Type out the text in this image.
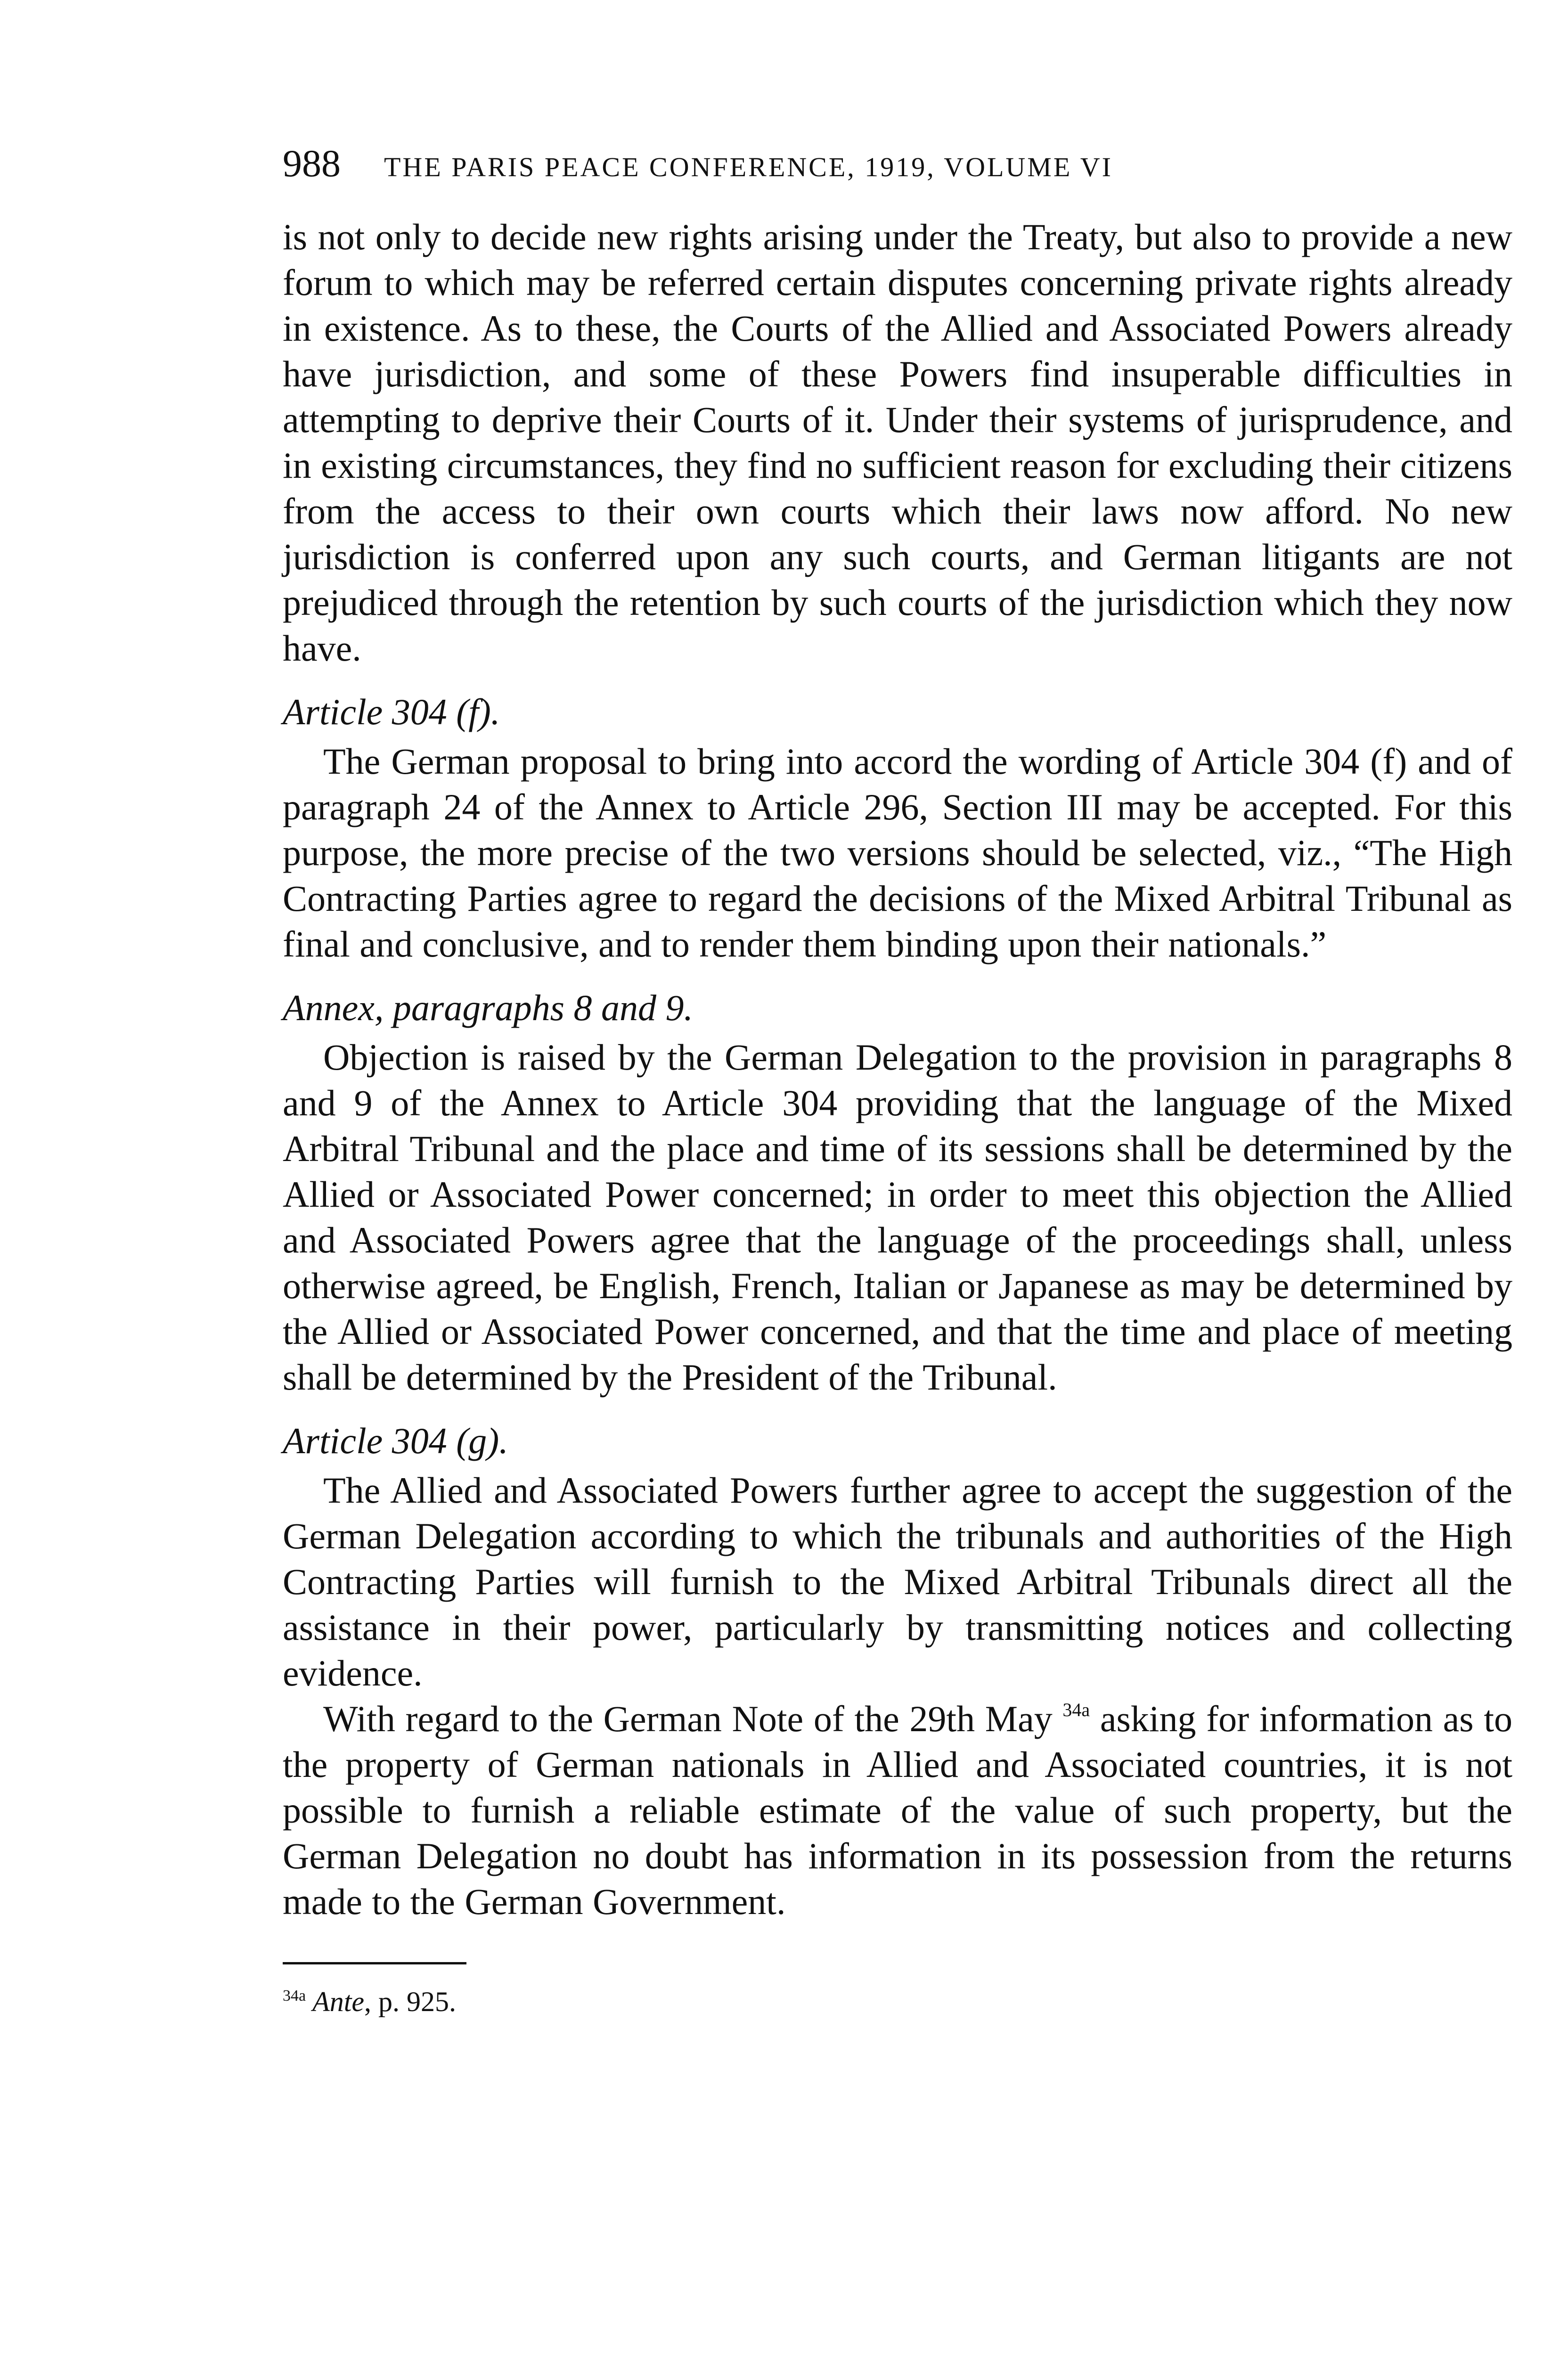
988 THE PARIS PEACE CONFERENCE, 1919, VOLUME VI

is not only to decide new rights arising under the Treaty, but also to provide a new forum to which may be referred certain disputes concerning private rights already in existence. As to these, the Courts of the Allied and Associated Powers already have jurisdiction, and some of these Powers find insuperable difficulties in attempting to deprive their Courts of it. Under their systems of jurisprudence, and in existing circumstances, they find no sufficient reason for excluding their citizens from the access to their own courts which their laws now afford. No new jurisdiction is conferred upon any such courts, and German litigants are not prejudiced through the retention by such courts of the jurisdiction which they now have.

Article 304 (f).

The German proposal to bring into accord the wording of Article 304 (f) and of paragraph 24 of the Annex to Article 296, Section III may be accepted. For this purpose, the more precise of the two versions should be selected, viz., “The High Contracting Parties agree to regard the decisions of the Mixed Arbitral Tribunal as final and conclusive, and to render them binding upon their nationals.”

Annex, paragraphs 8 and 9.

Objection is raised by the German Delegation to the provision in paragraphs 8 and 9 of the Annex to Article 304 providing that the language of the Mixed Arbitral Tribunal and the place and time of its sessions shall be determined by the Allied or Associated Power concerned; in order to meet this objection the Allied and Associated Powers agree that the language of the proceedings shall, unless otherwise agreed, be English, French, Italian or Japanese as may be determined by the Allied or Associated Power concerned, and that the time and place of meeting shall be determined by the President of the Tribunal.

Article 304 (g).

The Allied and Associated Powers further agree to accept the suggestion of the German Delegation according to which the tribunals and authorities of the High Contracting Parties will furnish to the Mixed Arbitral Tribunals direct all the assistance in their power, particularly by transmitting notices and collecting evidence.

With regard to the German Note of the 29th May $^{34a}$ asking for information as to the property of German nationals in Allied and Associated countries, it is not possible to furnish a reliable estimate of the value of such property, but the German Delegation no doubt has information in its possession from the returns made to the German Government.

$^{34a}$ Ante, p. 925.
